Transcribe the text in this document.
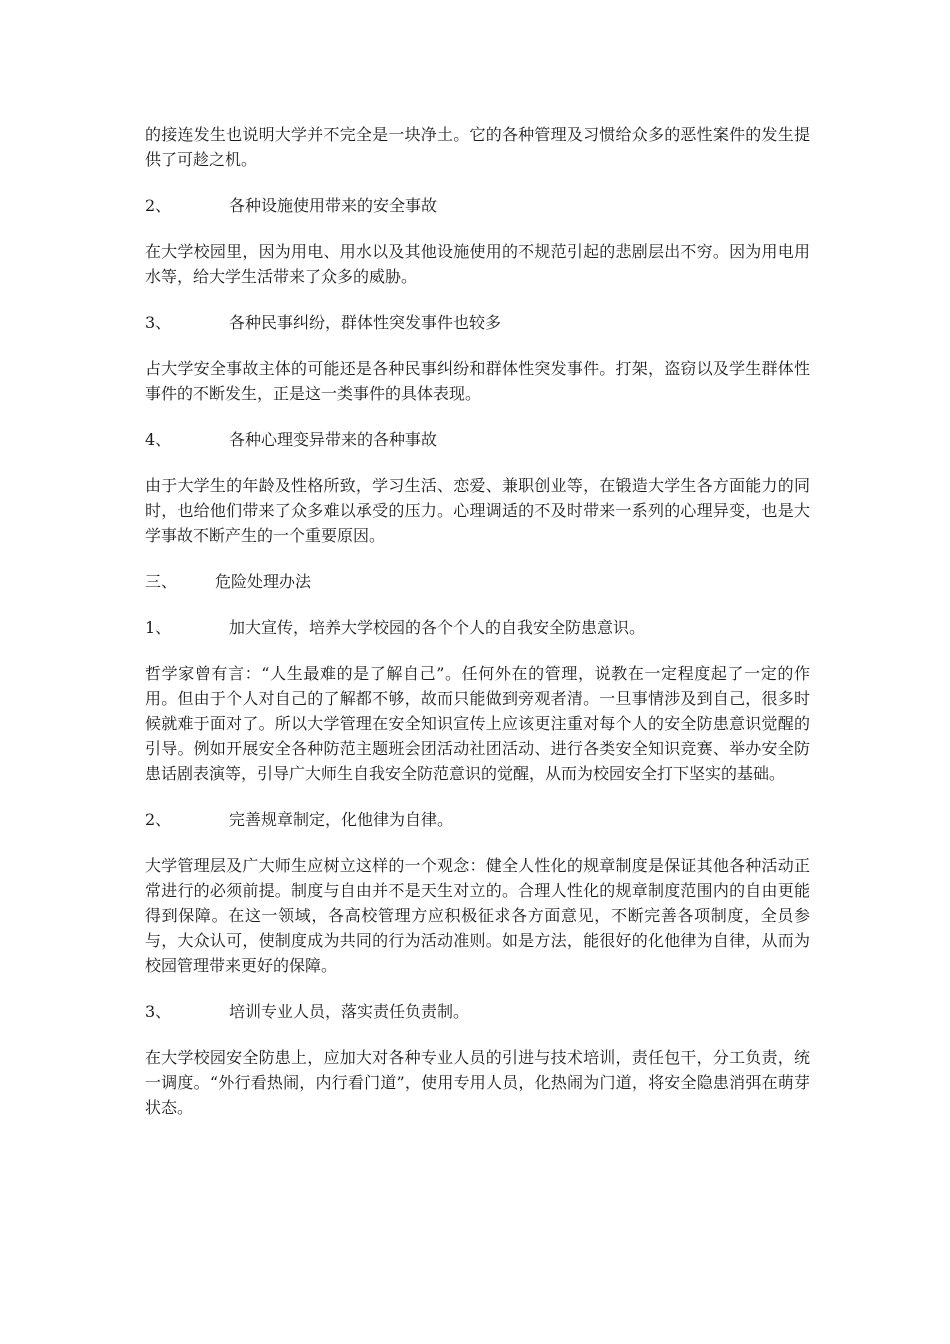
的接连发生也说明大学并不完全是一块净土。它的各种管理及习惯给众多的恶性案件的发生提供了可趁之机。

2、	各种设施使用带来的安全事故

在大学校园里，因为用电、用水以及其他设施使用的不规范引起的悲剧层出不穷。因为用电用水等，给大学生活带来了众多的威胁。

3、	各种民事纠纷，群体性突发事件也较多

占大学安全事故主体的可能还是各种民事纠纷和群体性突发事件。打架，盗窃以及学生群体性事件的不断发生，正是这一类事件的具体表现。

4、	各种心理变异带来的各种事故

由于大学生的年龄及性格所致，学习生活、恋爱、兼职创业等，在锻造大学生各方面能力的同时，也给他们带来了众多难以承受的压力。心理调适的不及时带来一系列的心理异变，也是大学事故不断产生的一个重要原因。

三、	危险处理办法
1、	加大宣传，培养大学校园的各个个人的自我安全防患意识。

哲学家曾有言：“人生最难的是了解自己”。任何外在的管理，说教在一定程度起了一定的作用。但由于个人对自己的了解都不够，故而只能做到旁观者清。一旦事情涉及到自己，很多时候就难于面对了。所以大学管理在安全知识宣传上应该更注重对每个人的安全防患意识觉醒的引导。例如开展安全各种防范主题班会团活动社团活动、进行各类安全知识竞赛、举办安全防患话剧表演等，引导广大师生自我安全防范意识的觉醒，从而为校园安全打下坚实的基础。

2、	完善规章制定，化他律为自律。

大学管理层及广大师生应树立这样的一个观念：健全人性化的规章制度是保证其他各种活动正常进行的必须前提。制度与自由并不是天生对立的。合理人性化的规章制度范围内的自由更能得到保障。在这一领域，各高校管理方应积极征求各方面意见，不断完善各项制度，全员参与，大众认可，使制度成为共同的行为活动准则。如是方法，能很好的化他律为自律，从而为校园管理带来更好的保障。

3、	培训专业人员，落实责任负责制。

在大学校园安全防患上，应加大对各种专业人员的引进与技术培训，责任包干，分工负责，统一调度。“外行看热闹，内行看门道”，使用专用人员，化热闹为门道，将安全隐患消弭在萌芽状态。
